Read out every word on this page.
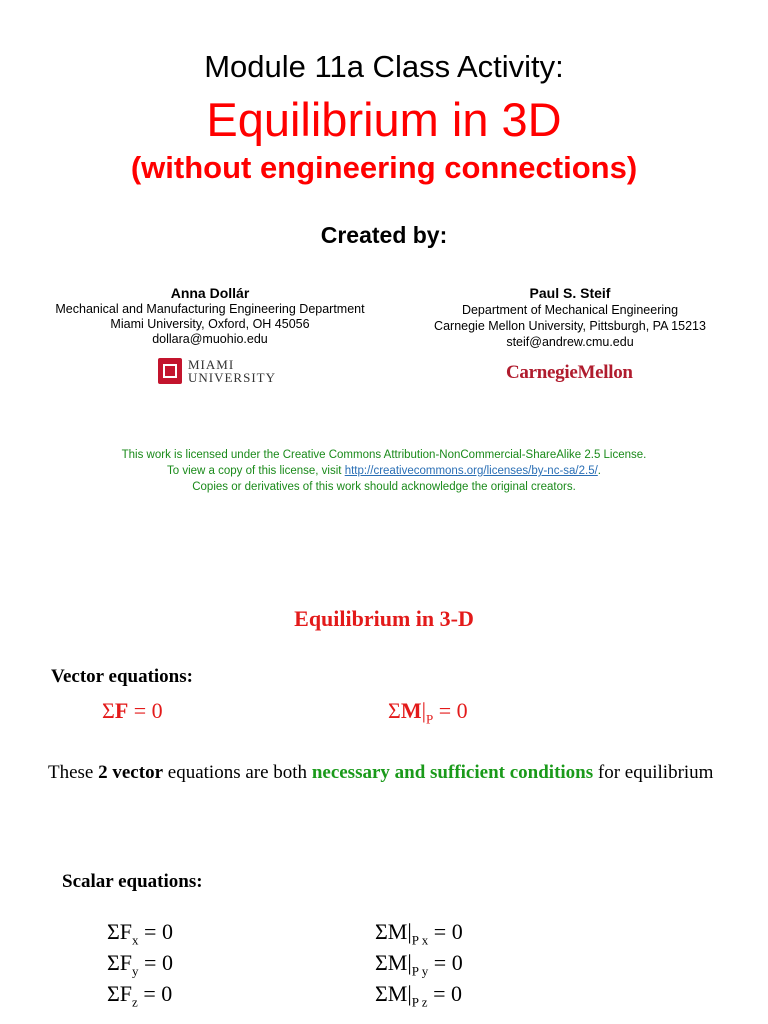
Module 11a Class Activity:
Equilibrium in 3D
(without engineering connections)
Created by:
Anna Dollár
Mechanical and Manufacturing Engineering Department
Miami University, Oxford, OH 45056
dollara@muohio.edu
Paul S. Steif
Department of Mechanical Engineering
Carnegie Mellon University, Pittsburgh, PA 15213
steif@andrew.cmu.edu
MIAMI
UNIVERSITY	CarnegieMellon
This work is licensed under the Creative Commons Attribution-NonCommercial-ShareAlike 2.5 License.
To view a copy of this license, visit http://creativecommons.org/licenses/by-nc-sa/2.5/.
Copies or derivatives of this work should acknowledge the original creators.
Equilibrium in 3-D
Vector equations:
ΣF = 0	$\Sigma M|_P = 0$
These 2 vector equations are both necessary and sufficient conditions for equilibrium
Scalar equations:
$\Sigma F_x = 0$
$\Sigma F_y = 0$
$\Sigma F_z = 0$
$\Sigma M|_{P x} = 0$
$\Sigma M|_{P y} = 0$
$\Sigma M|_{P z} = 0$
